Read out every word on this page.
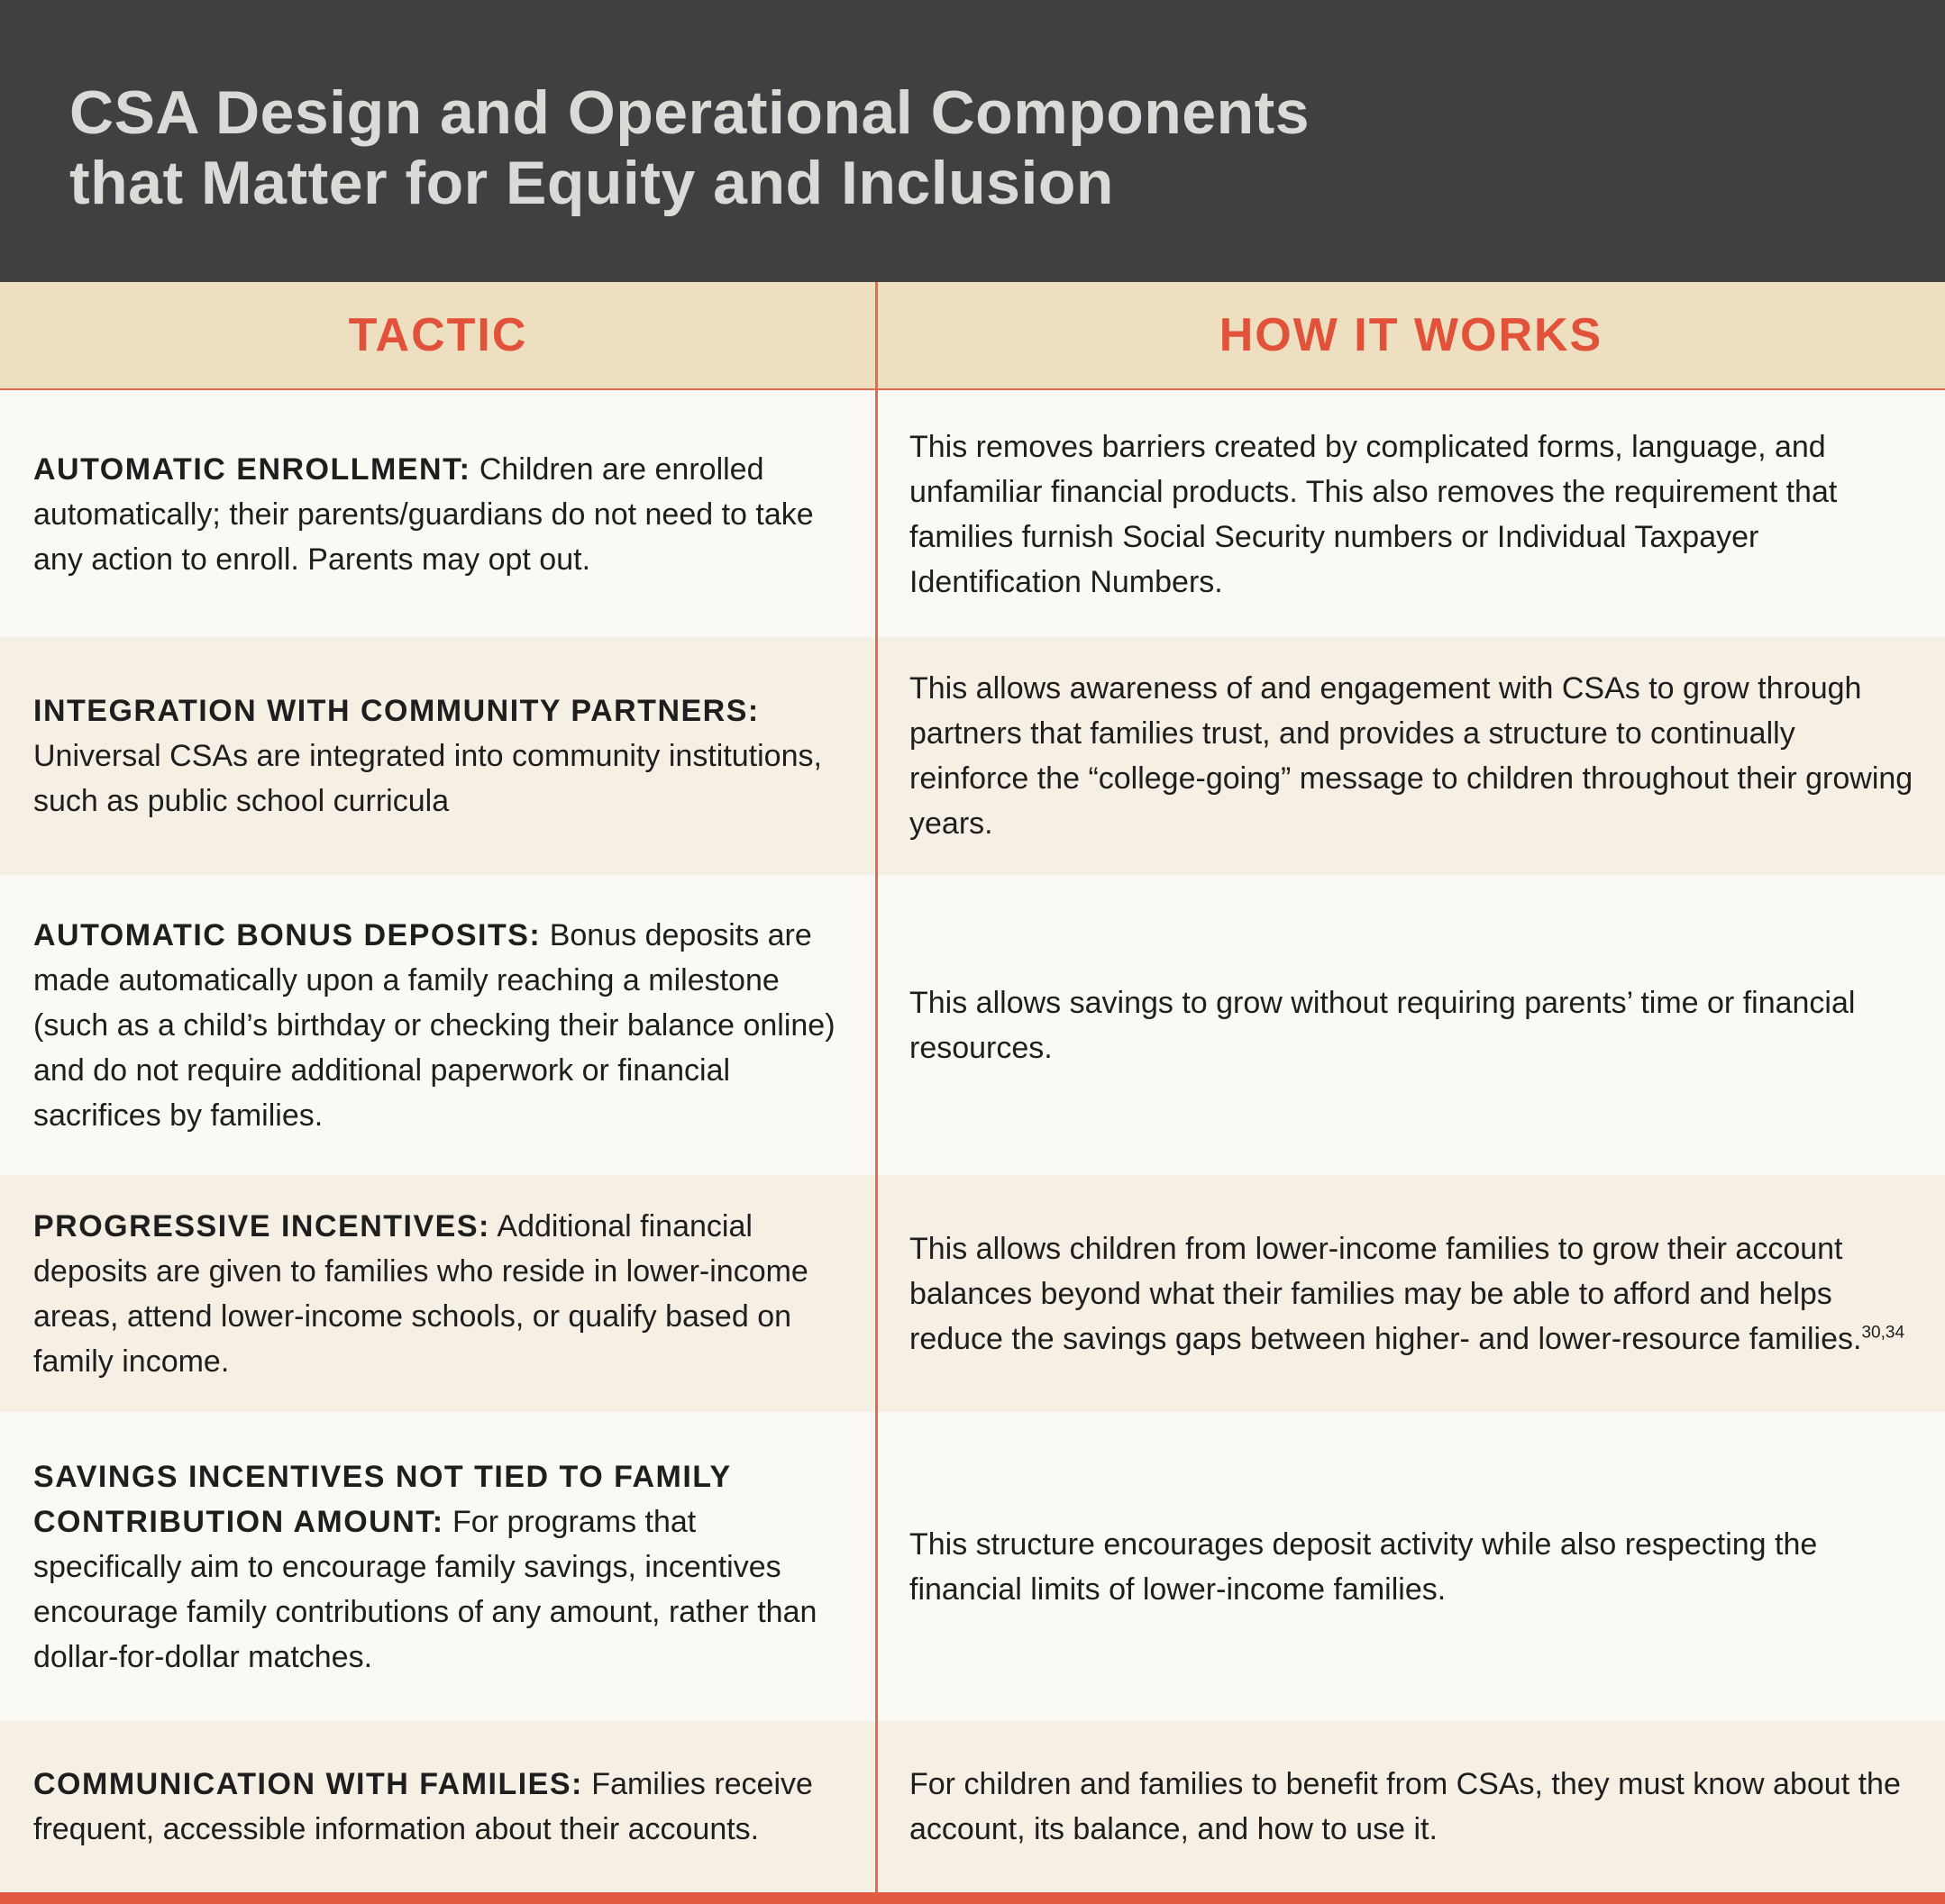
CSA Design and Operational Components
that Matter for Equity and Inclusion
TACTIC	HOW IT WORKS
AUTOMATIC ENROLLMENT: Children are enrolled automatically; their parents/guardians do not need to take any action to enroll. Parents may opt out.
This removes barriers created by complicated forms, language, and unfamiliar financial products. This also removes the requirement that families furnish Social Security numbers or Individual Taxpayer Identification Numbers.
INTEGRATION WITH COMMUNITY PARTNERS: Universal CSAs are integrated into community institutions, such as public school curricula
This allows awareness of and engagement with CSAs to grow through partners that families trust, and provides a structure to continually reinforce the “college-going” message to children throughout their growing years.
AUTOMATIC BONUS DEPOSITS: Bonus deposits are made automatically upon a family reaching a milestone (such as a child’s birthday or checking their balance online) and do not require additional paperwork or financial sacrifices by families.
This allows savings to grow without requiring parents’ time or financial resources.
PROGRESSIVE INCENTIVES: Additional financial deposits are given to families who reside in lower-income areas, attend lower-income schools, or qualify based on family income.
This allows children from lower-income families to grow their account balances beyond what their families may be able to afford and helps reduce the savings gaps between higher- and lower-resource families.$^{30,34}$
SAVINGS INCENTIVES NOT TIED TO FAMILY CONTRIBUTION AMOUNT: For programs that specifically aim to encourage family savings, incentives encourage family contributions of any amount, rather than dollar-for-dollar matches.
This structure encourages deposit activity while also respecting the financial limits of lower-income families.
COMMUNICATION WITH FAMILIES: Families receive frequent, accessible information about their accounts.
For children and families to benefit from CSAs, they must know about the account, its balance, and how to use it.
